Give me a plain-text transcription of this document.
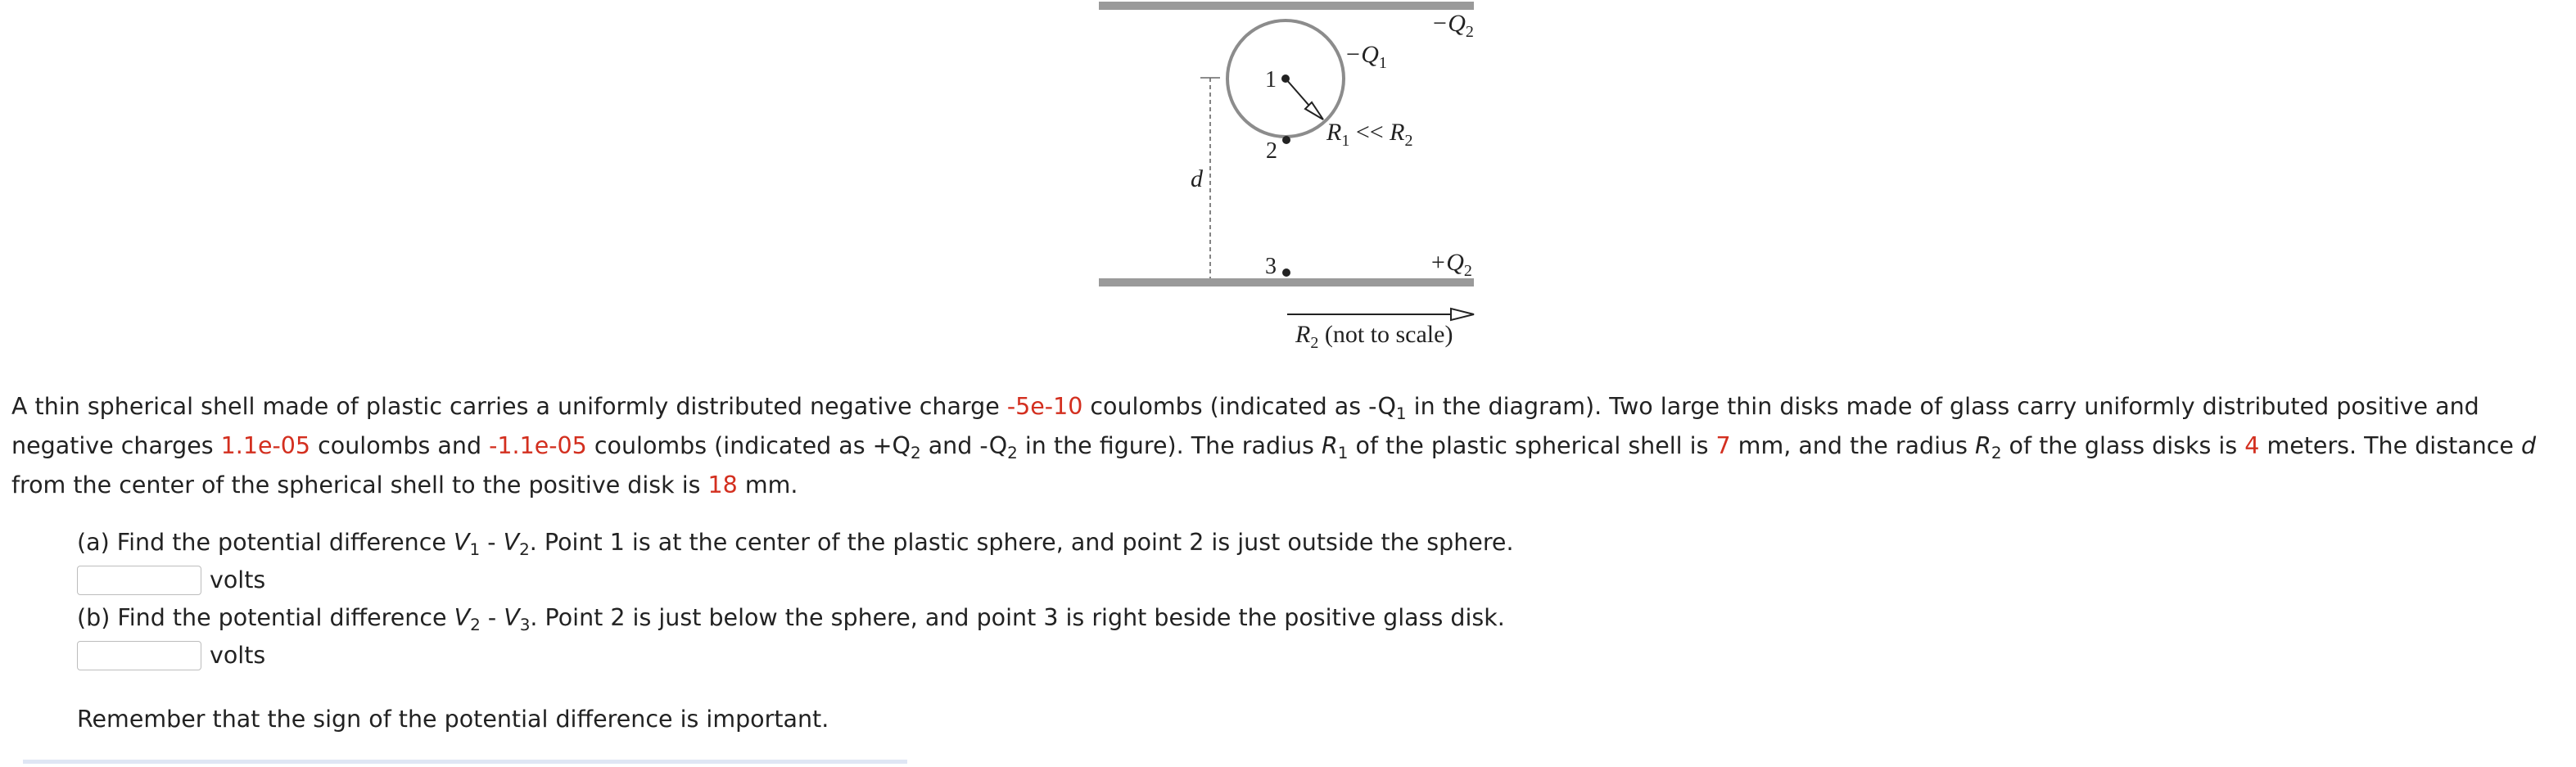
$-Q_2$
$-Q_1$
1
2
3
d
$R_1 << R_2$
$+Q_2$
$R_2$ (not to scale)
A thin spherical shell made of plastic carries a uniformly distributed negative charge -5e-10 coulombs (indicated as $-Q_1$ in the diagram). Two large thin disks made of glass carry uniformly distributed positive and negative charges 1.1e-05 coulombs and -1.1e-05 coulombs (indicated as $+Q_2$ and $-Q_2$ in the figure). The radius $R_1$ of the plastic spherical shell is 7 mm, and the radius $R_2$ of the glass disks is 4 meters. The distance d from the center of the spherical shell to the positive disk is 18 mm.
(a) Find the potential difference $V_1 - V_2$. Point 1 is at the center of the plastic sphere, and point 2 is just outside the sphere.
volts
(b) Find the potential difference $V_2 - V_3$. Point 2 is just below the sphere, and point 3 is right beside the positive glass disk.
volts
Remember that the sign of the potential difference is important.
